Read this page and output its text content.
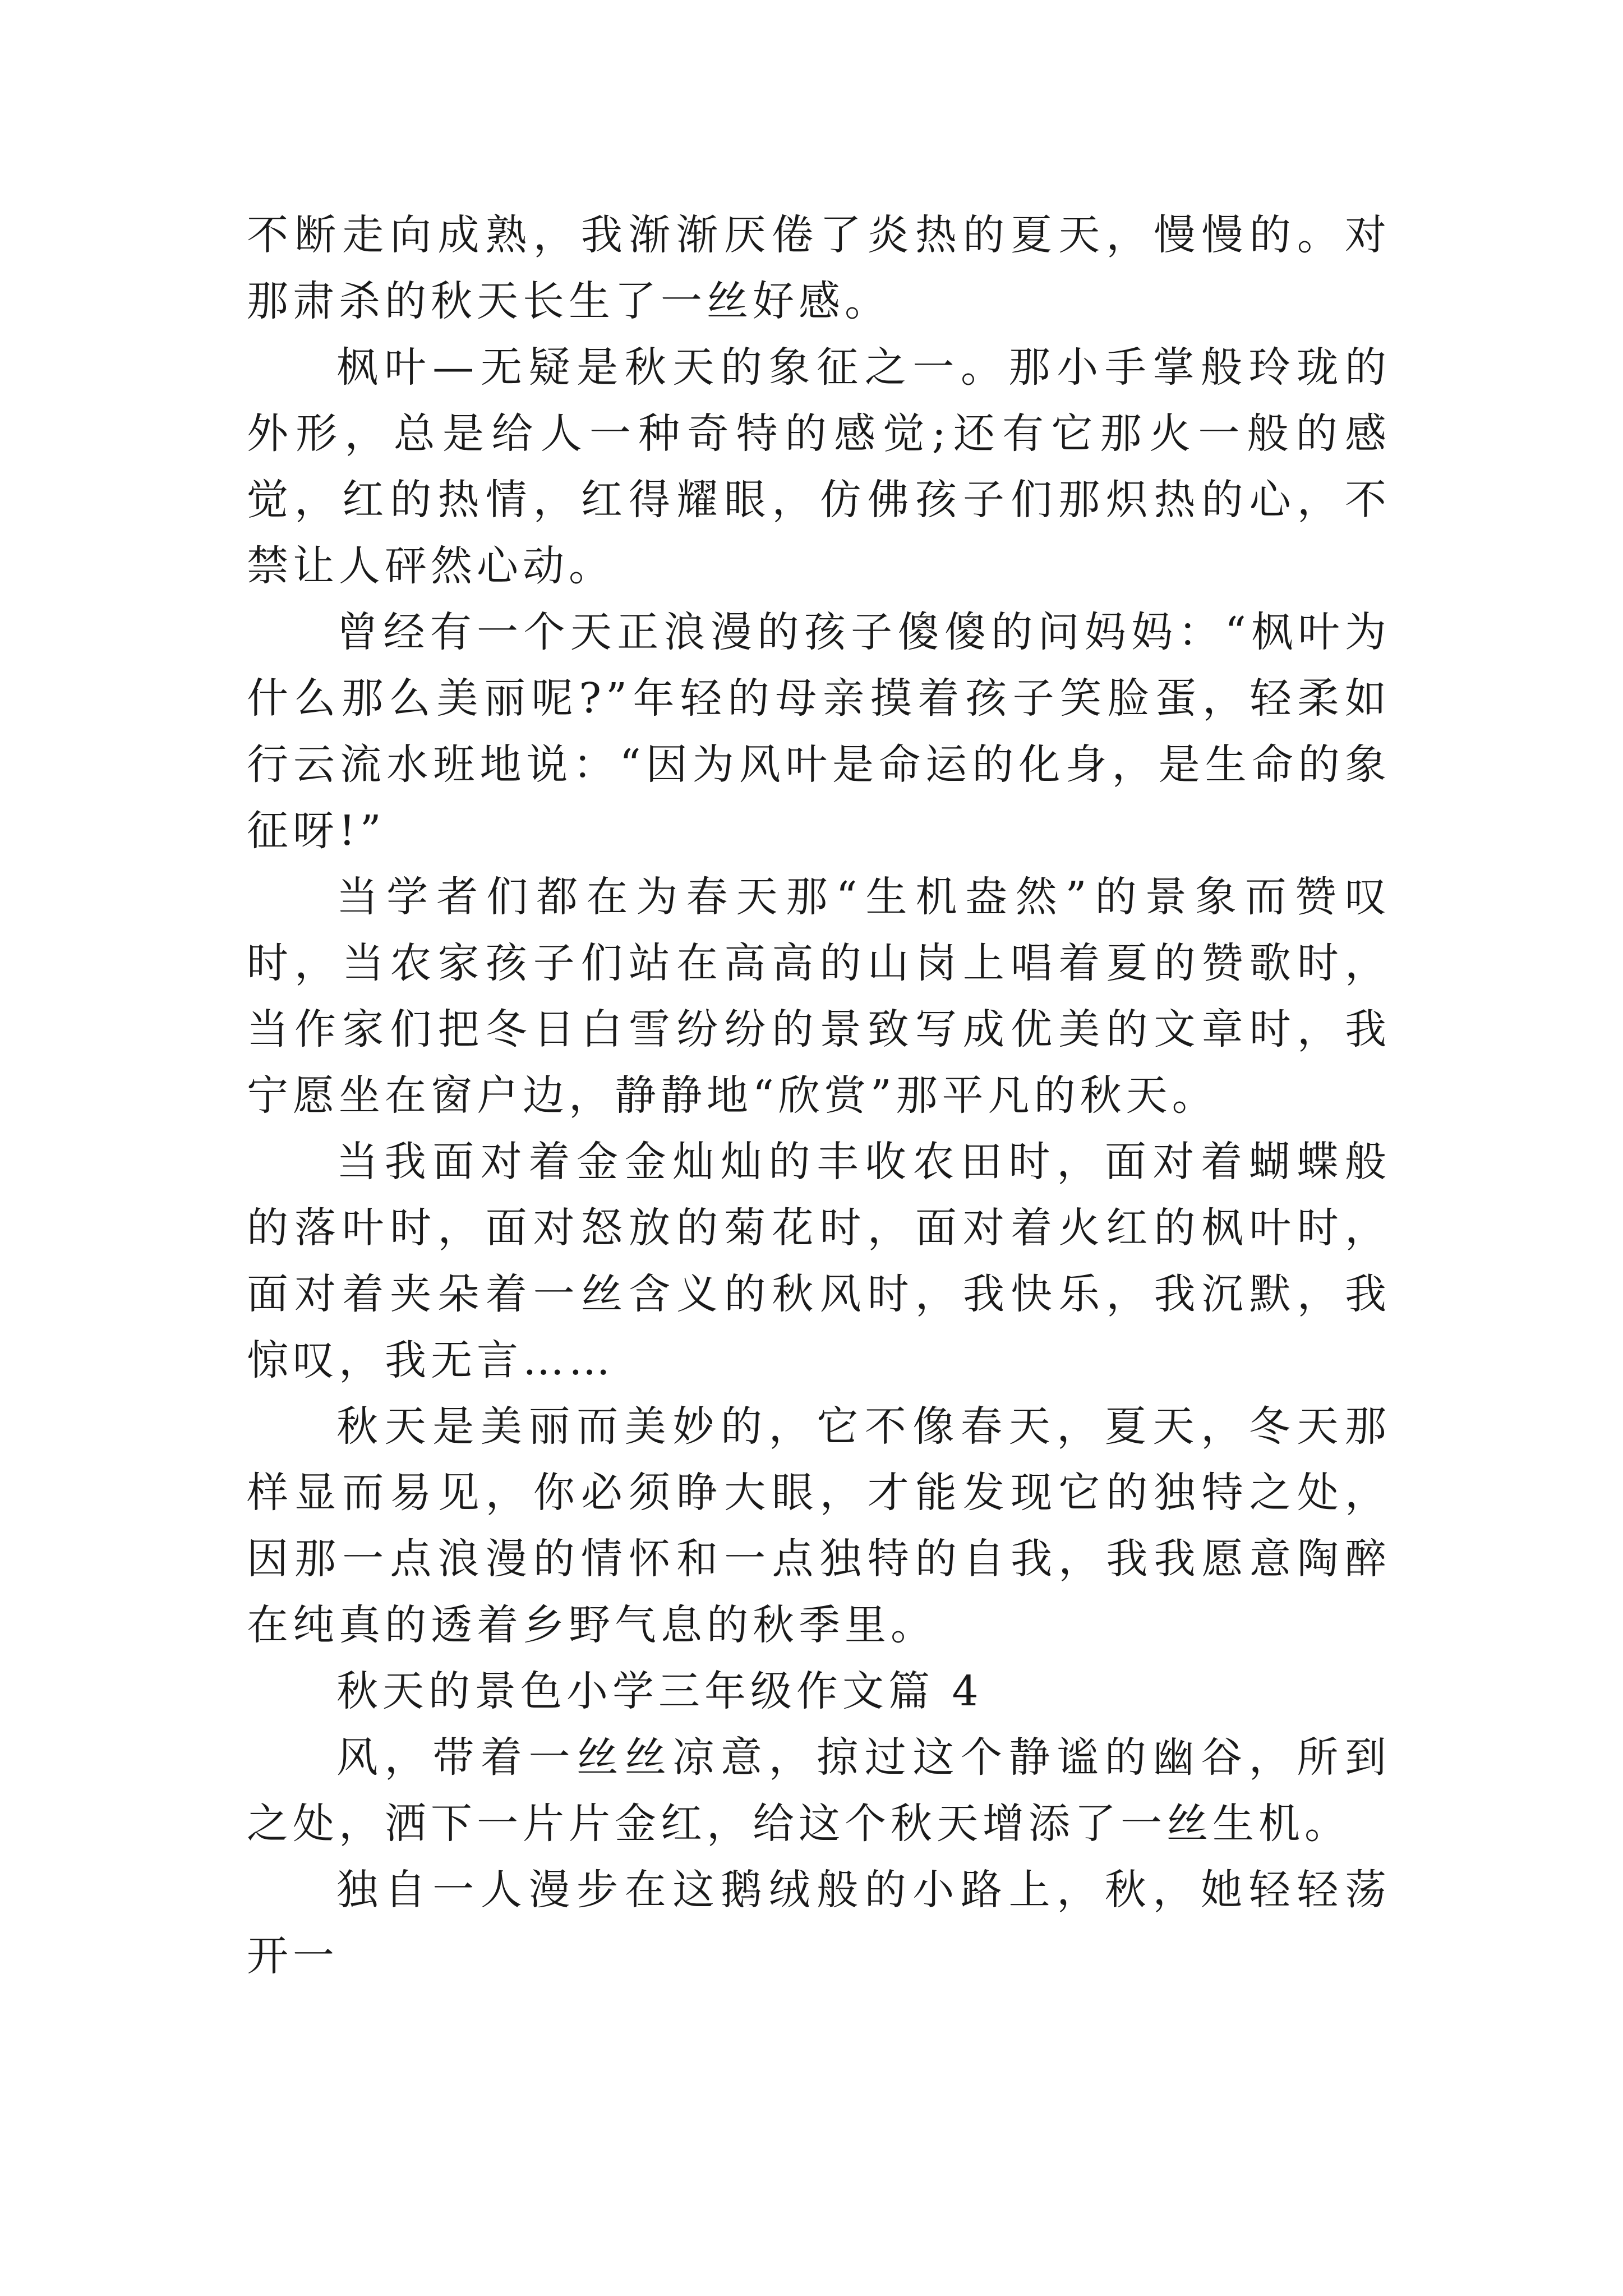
不断走向成熟，我渐渐厌倦了炎热的夏天，慢慢的。对那肃杀的秋天长生了一丝好感。

枫叶—无疑是秋天的象征之一。那小手掌般玲珑的外形，总是给人一种奇特的感觉;还有它那火一般的感觉，红的热情，红得耀眼，仿佛孩子们那炽热的心，不禁让人砰然心动。

曾经有一个天正浪漫的孩子傻傻的问妈妈：“枫叶为什么那么美丽呢?”年轻的母亲摸着孩子笑脸蛋，轻柔如行云流水班地说：“因为风叶是命运的化身，是生命的象征呀!”

当学者们都在为春天那“生机盎然”的景象而赞叹时，当农家孩子们站在高高的山岗上唱着夏的赞歌时，当作家们把冬日白雪纷纷的景致写成优美的文章时，我宁愿坐在窗户边，静静地“欣赏”那平凡的秋天。

当我面对着金金灿灿的丰收农田时，面对着蝴蝶般的落叶时，面对怒放的菊花时，面对着火红的枫叶时，面对着夹朵着一丝含义的秋风时，我快乐，我沉默，我惊叹，我无言……

秋天是美丽而美妙的，它不像春天，夏天，冬天那样显而易见，你必须睁大眼，才能发现它的独特之处，因那一点浪漫的情怀和一点独特的自我，我我愿意陶醉在纯真的透着乡野气息的秋季里。

秋天的景色小学三年级作文篇 4

风，带着一丝丝凉意，掠过这个静谧的幽谷，所到之处，洒下一片片金红，给这个秋天增添了一丝生机。

独自一人漫步在这鹅绒般的小路上，秋，她轻轻荡开一
